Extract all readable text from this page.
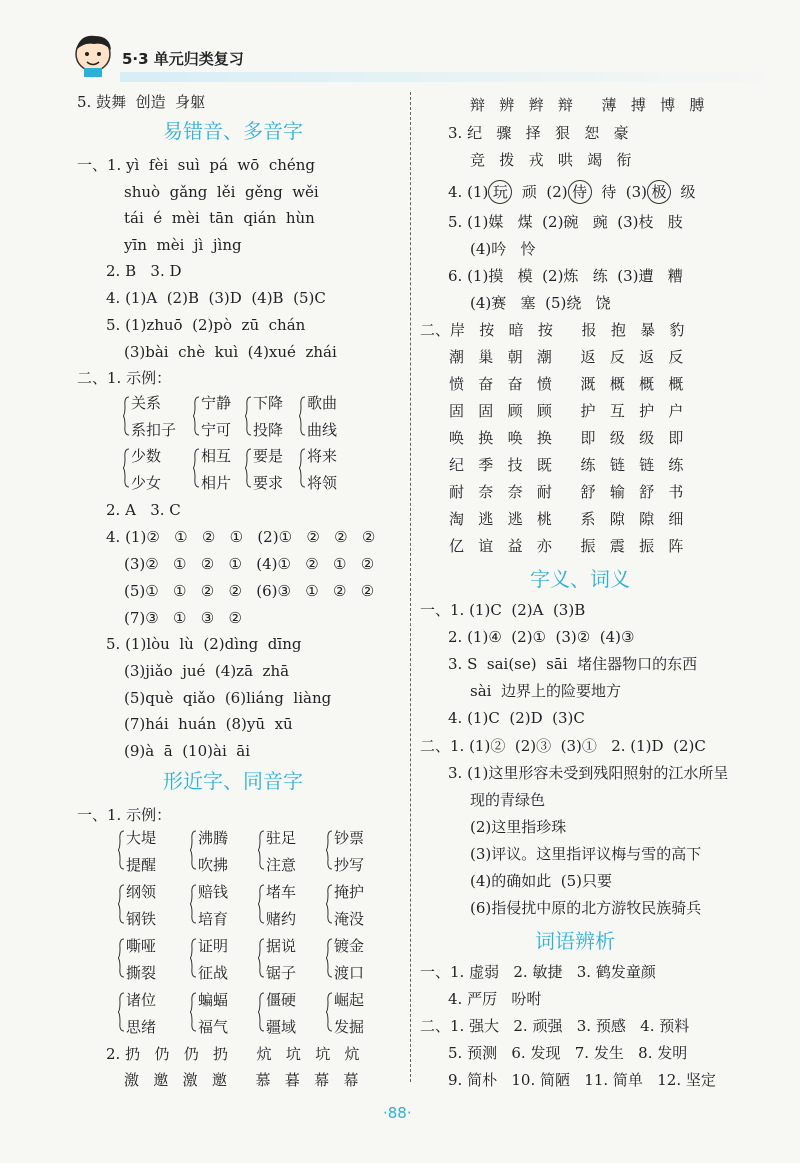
5·3 单元归类复习
5. 鼓舞  创造  身躯
易错音、多音字
一、1. yì  fèi  suì  pá  wō  chéng
shuò  gǎng  lěi  gěng  wěi
tái  é  mèi  tān  qián  hùn
yīn  mèi  jì  jìng
2. B   3. D
4. (1)A  (2)B  (3)D  (4)B  (5)C
5. (1)zhuō  (2)pò  zū  chán
(3)bài  chè  kuì  (4)xué  zhái
二、1. 示例：
关系
系扣子
宁静
宁可
下降
投降
歌曲
曲线
少数
少女
相互
相片
要是
要求
将来
将领
2. A   3. C
4. (1)②   ①   ②   ①   (2)①   ②   ②   ②
(3)②   ①   ②   ①   (4)①   ②   ①   ②
(5)①   ①   ②   ②   (6)③   ①   ②   ②
(7)③   ①   ③   ②
5. (1)lòu  lù  (2)dìng  dīng
(3)jiǎo  jué  (4)zā  zhā
(5)què  qiǎo  (6)liáng  liàng
(7)hái  huán  (8)yū  xū
(9)à  ā  (10)ài  āi
形近字、同音字
一、1. 示例：
大堤
提醒
沸腾
吹拂
驻足
注意
钞票
抄写
纲领
钢铁
赔钱
培育
堵车
赌约
掩护
淹没
嘶哑
撕裂
证明
征战
据说
锯子
镀金
渡口
诸位
思绪
蝙蝠
福气
僵硬
疆域
崛起
发掘
2. 扔   仍   仍   扔      炕   坑   坑   炕
激   邀   激   邀      慕   暮   幕   幕
辩   辨   辫   辩      薄   搏   博   膊
3. 纪   骤   择   狠   恕   豪
竞   拨   戎   哄   竭   衔
4. (1) 玩  顽  (2) 侍  待  (3) 极  级
5. (1)媒   煤  (2)碗   豌  (3)枝   肢
(4)吟   怜
6. (1)摸   模  (2)炼   练  (3)遭   糟
(4)赛   塞  (5)绕   饶
二、岸   按   暗   按      报   抱   暴   豹
潮   巢   朝   潮      返   反   返   反
愤   奋   奋   愤      溉   概   概   概
固   固   顾   顾      护   互   护   户
唤   换   唤   换      即   级   级   即
纪   季   技   既      练   链   链   练
耐   奈   奈   耐      舒   输   舒   书
淘   逃   逃   桃      系   隙   隙   细
亿   谊   益   亦      振   震   振   阵
字义、词义
一、1. (1)C  (2)A  (3)B
2. (1)④  (2)①  (3)②  (4)③
3. S  sai(se)  sāi  堵住器物口的东西
sài  边界上的险要地方
4. (1)C  (2)D  (3)C
二、1. (1)②  (2)③  (3)①   2. (1)D  (2)C
3. (1)这里形容未受到残阳照射的江水所呈
现的青绿色
(2)这里指珍珠
(3)评议。这里指评议梅与雪的高下
(4)的确如此  (5)只要
(6)指侵扰中原的北方游牧民族骑兵
词语辨析
一、1. 虚弱   2. 敏捷   3. 鹤发童颜
4. 严厉   吩咐
二、1. 强大   2. 顽强   3. 预感   4. 预料
5. 预测   6. 发现   7. 发生   8. 发明
9. 简朴   10. 简陋   11. 简单   12. 坚定
·88·
